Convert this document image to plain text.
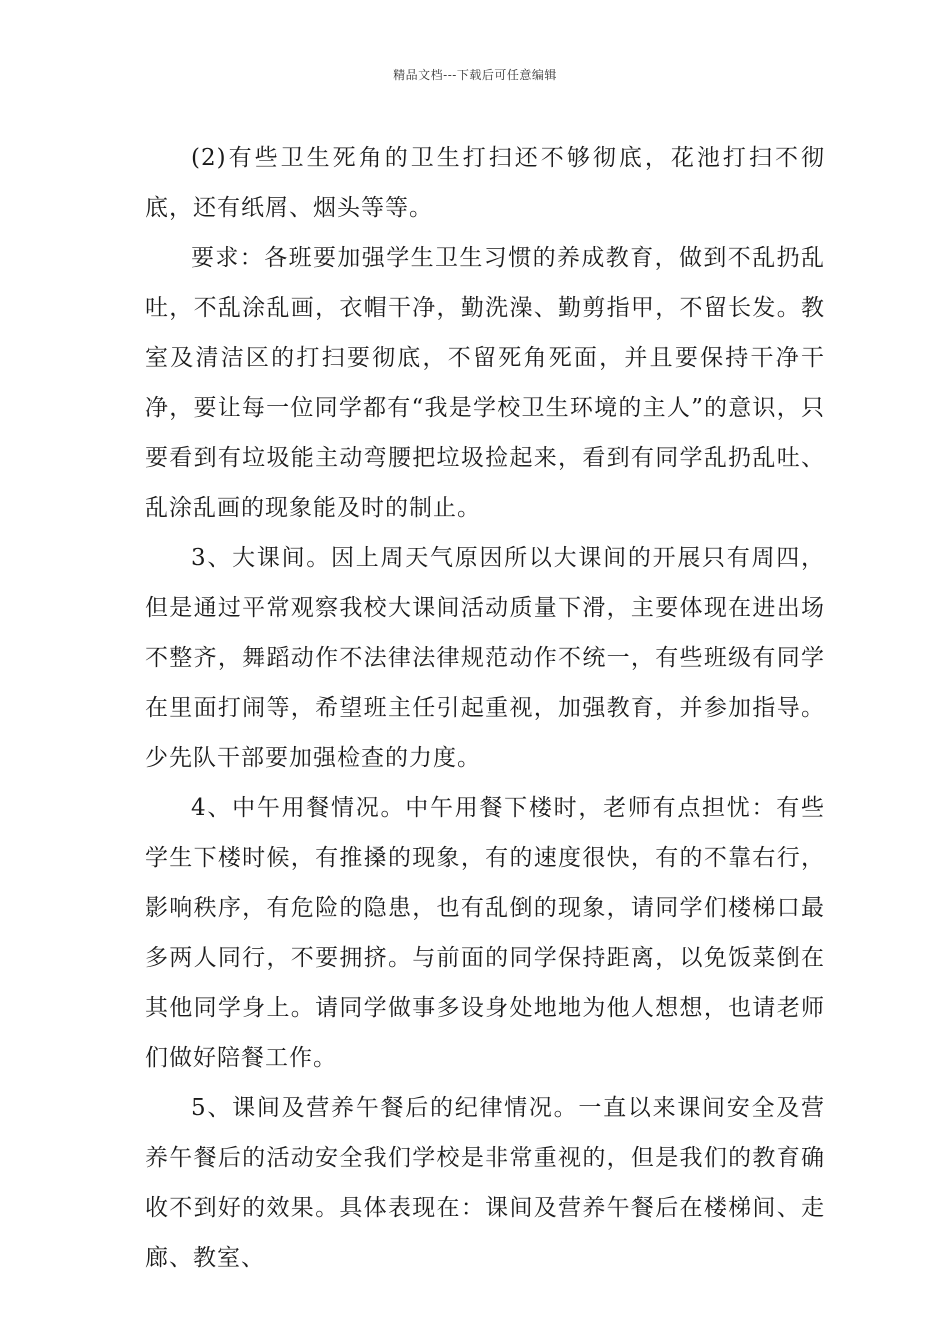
精品文档---下载后可任意编辑

(2)有些卫生死角的卫生打扫还不够彻底，花池打扫不彻底，还有纸屑、烟头等等。

要求：各班要加强学生卫生习惯的养成教育，做到不乱扔乱吐，不乱涂乱画，衣帽干净，勤洗澡、勤剪指甲，不留长发。教室及清洁区的打扫要彻底，不留死角死面，并且要保持干净干净，要让每一位同学都有“我是学校卫生环境的主人”的意识，只要看到有垃圾能主动弯腰把垃圾捡起来，看到有同学乱扔乱吐、乱涂乱画的现象能及时的制止。

3、大课间。因上周天气原因所以大课间的开展只有周四，但是通过平常观察我校大课间活动质量下滑，主要体现在进出场不整齐，舞蹈动作不法律法律规范动作不统一，有些班级有同学在里面打闹等，希望班主任引起重视，加强教育，并参加指导。少先队干部要加强检查的力度。

4、中午用餐情况。中午用餐下楼时，老师有点担忧：有些学生下楼时候，有推搡的现象，有的速度很快，有的不靠右行，影响秩序，有危险的隐患，也有乱倒的现象，请同学们楼梯口最多两人同行，不要拥挤。与前面的同学保持距离，以免饭菜倒在其他同学身上。请同学做事多设身处地地为他人想想，也请老师们做好陪餐工作。

5、课间及营养午餐后的纪律情况。一直以来课间安全及营养午餐后的活动安全我们学校是非常重视的，但是我们的教育确收不到好的效果。具体表现在：课间及营养午餐后在楼梯间、走廊、教室、
